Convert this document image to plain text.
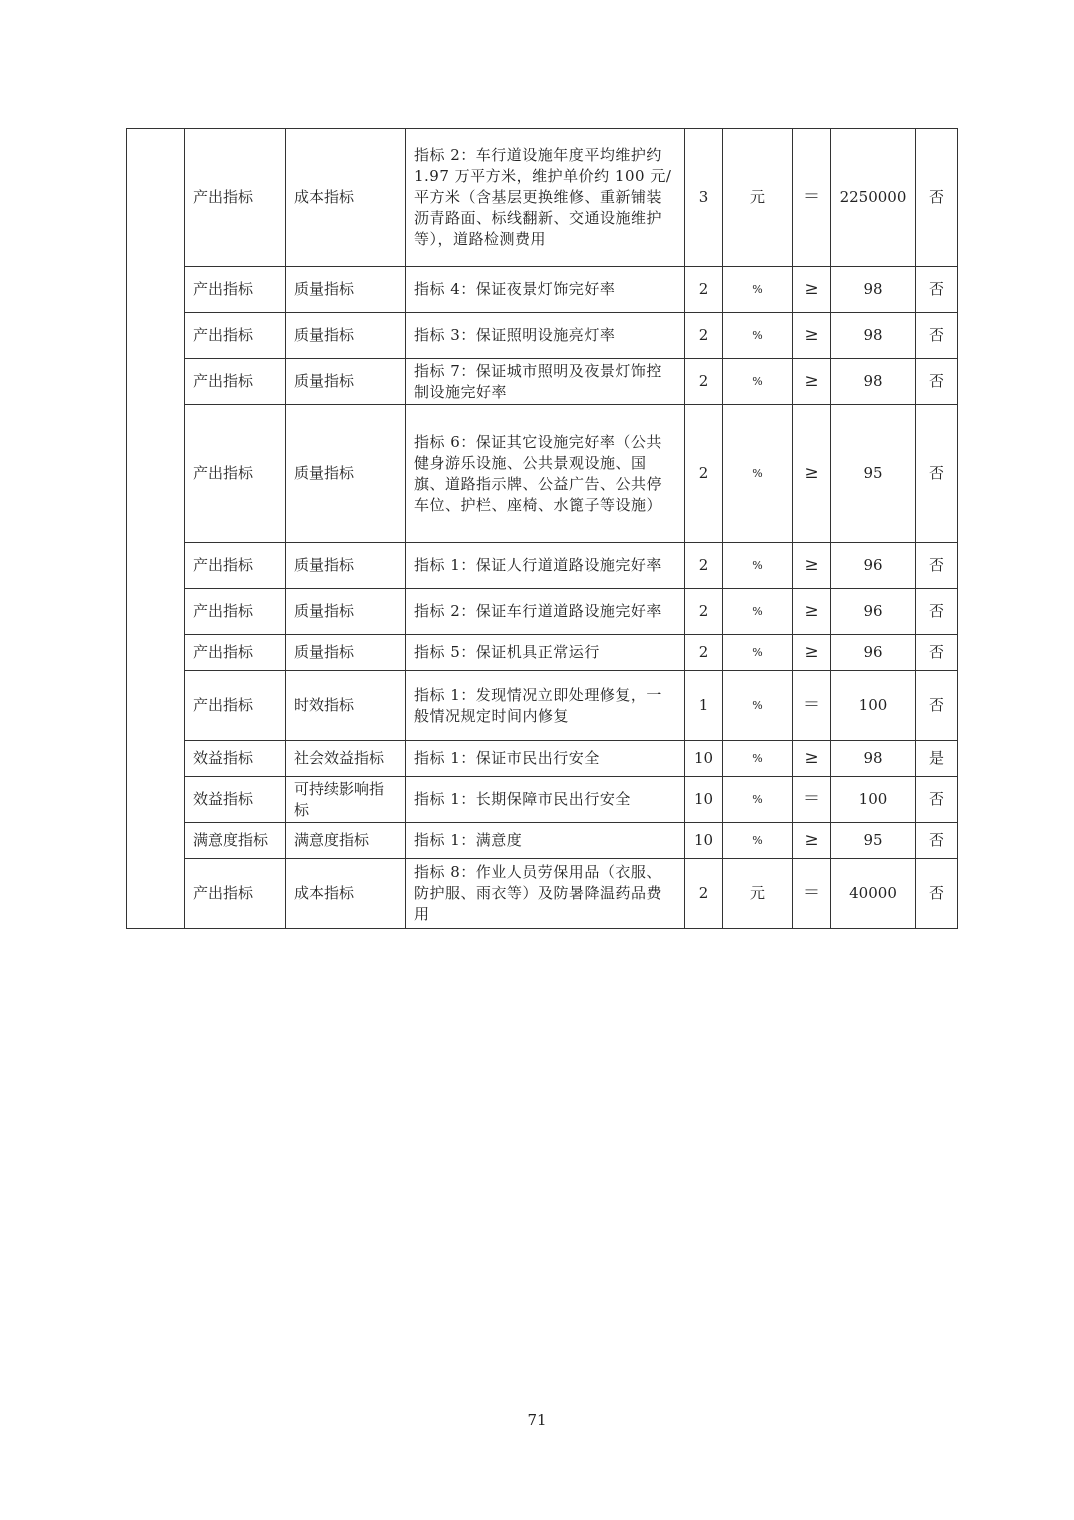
	产出指标	成本指标	指标 2：车行道设施年度平均维护约 1.97 万平方米，维护单价约 100 元/平方米（含基层更换维修、重新铺装沥青路面、标线翻新、交通设施维护等），道路检测费用	3	元	＝	2250000	否
	产出指标	质量指标	指标 4：保证夜景灯饰完好率	2	%	≥	98	否
	产出指标	质量指标	指标 3：保证照明设施亮灯率	2	%	≥	98	否
	产出指标	质量指标	指标 7：保证城市照明及夜景灯饰控制设施完好率	2	%	≥	98	否
	产出指标	质量指标	指标 6：保证其它设施完好率（公共健身游乐设施、公共景观设施、国旗、道路指示牌、公益广告、公共停车位、护栏、座椅、水篦子等设施）	2	%	≥	95	否
	产出指标	质量指标	指标 1：保证人行道道路设施完好率	2	%	≥	96	否
	产出指标	质量指标	指标 2：保证车行道道路设施完好率	2	%	≥	96	否
	产出指标	质量指标	指标 5：保证机具正常运行	2	%	≥	96	否
	产出指标	时效指标	指标 1：发现情况立即处理修复，一般情况规定时间内修复	1	%	＝	100	否
	效益指标	社会效益指标	指标 1：保证市民出行安全	10	%	≥	98	是
	效益指标	可持续影响指标	指标 1：长期保障市民出行安全	10	%	＝	100	否
	满意度指标	满意度指标	指标 1：满意度	10	%	≥	95	否
	产出指标	成本指标	指标 8：作业人员劳保用品（衣服、防护服、雨衣等）及防暑降温药品费用	2	元	＝	40000	否
71
